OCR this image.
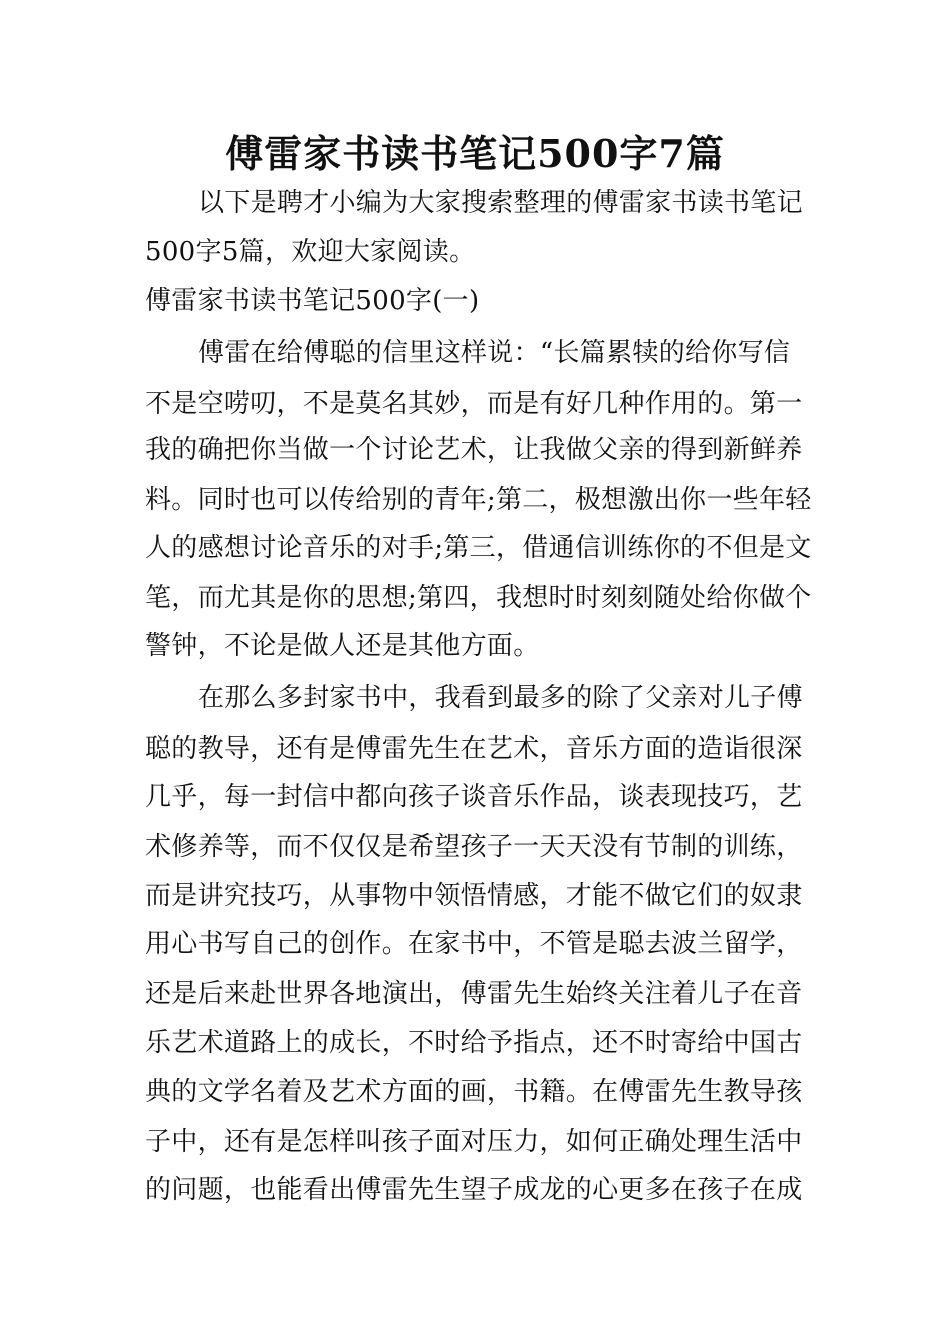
傅雷家书读书笔记500字7篇
以下是聘才小编为大家搜索整理的傅雷家书读书笔记
500字5篇，欢迎大家阅读。
傅雷家书读书笔记500字(一)
傅雷在给傅聪的信里这样说：“长篇累犊的给你写信
不是空唠叨，不是莫名其妙，而是有好几种作用的。第一
我的确把你当做一个讨论艺术，让我做父亲的得到新鲜养
料。同时也可以传给别的青年;第二，极想激出你一些年轻
人的感想讨论音乐的对手;第三，借通信训练你的不但是文
笔，而尤其是你的思想;第四，我想时时刻刻随处给你做个
警钟，不论是做人还是其他方面。
在那么多封家书中，我看到最多的除了父亲对儿子傅
聪的教导，还有是傅雷先生在艺术，音乐方面的造诣很深
几乎，每一封信中都向孩子谈音乐作品，谈表现技巧，艺
术修养等，而不仅仅是希望孩子一天天没有节制的训练，
而是讲究技巧，从事物中领悟情感，才能不做它们的奴隶
用心书写自己的创作。在家书中，不管是聪去波兰留学，
还是后来赴世界各地演出，傅雷先生始终关注着儿子在音
乐艺术道路上的成长，不时给予指点，还不时寄给中国古
典的文学名着及艺术方面的画，书籍。在傅雷先生教导孩
子中，还有是怎样叫孩子面对压力，如何正确处理生活中
的问题，也能看出傅雷先生望子成龙的心更多在孩子在成
